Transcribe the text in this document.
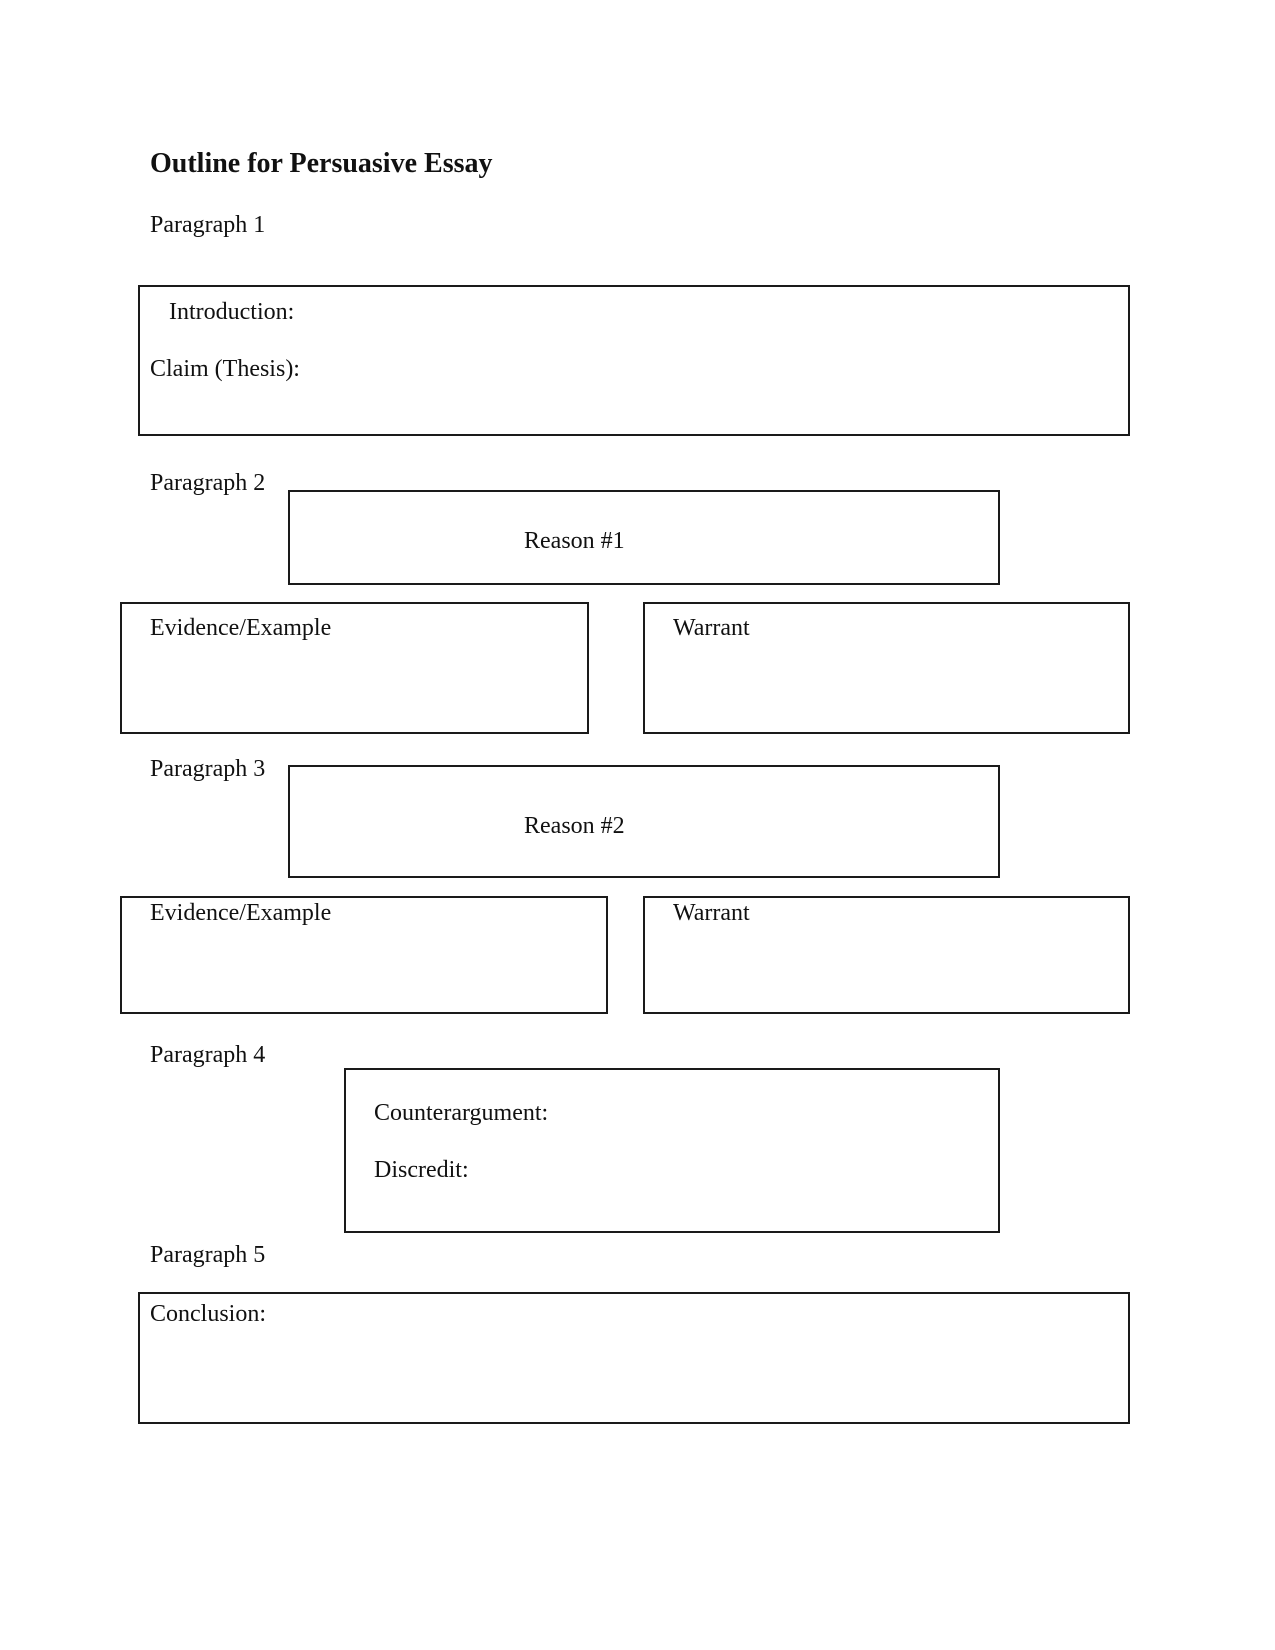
Outline for Persuasive Essay
Paragraph 1
Introduction:
Claim (Thesis):
Paragraph 2
Reason #1
Evidence/Example	Warrant
Paragraph 3
Reason #2
Evidence/Example	Warrant
Paragraph 4
Counterargument:
Discredit:
Paragraph 5
Conclusion:
